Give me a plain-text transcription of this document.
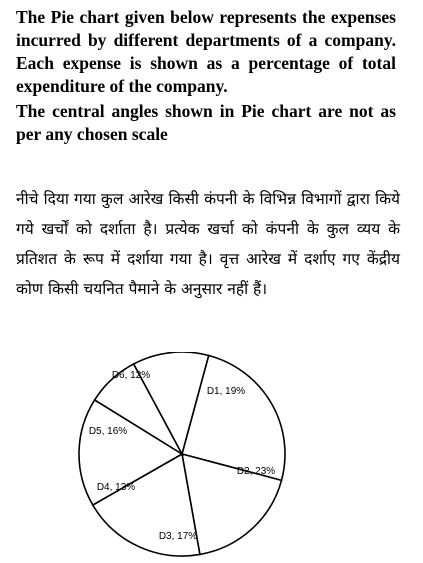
The Pie chart given below represents the expenses incurred by different departments of a company. Each expense is shown as a percentage of total expenditure of the company.

The central angles shown in Pie chart are not as per any chosen scale

नीचे दिया गया कुल आरेख किसी कंपनी के विभिन्न विभागों द्वारा किये गये खर्चों को दर्शाता है। प्रत्येक खर्चा को कंपनी के कुल व्यय के प्रतिशत के रूप में दर्शाया गया है। वृत्त आरेख में दर्शाए गए केंद्रीय कोण किसी चयनित पैमाने के अनुसार नहीं हैं।
D1, 19%
D2, 23%
D3, 17%
D4, 13%
D5, 16%
D6, 12%
